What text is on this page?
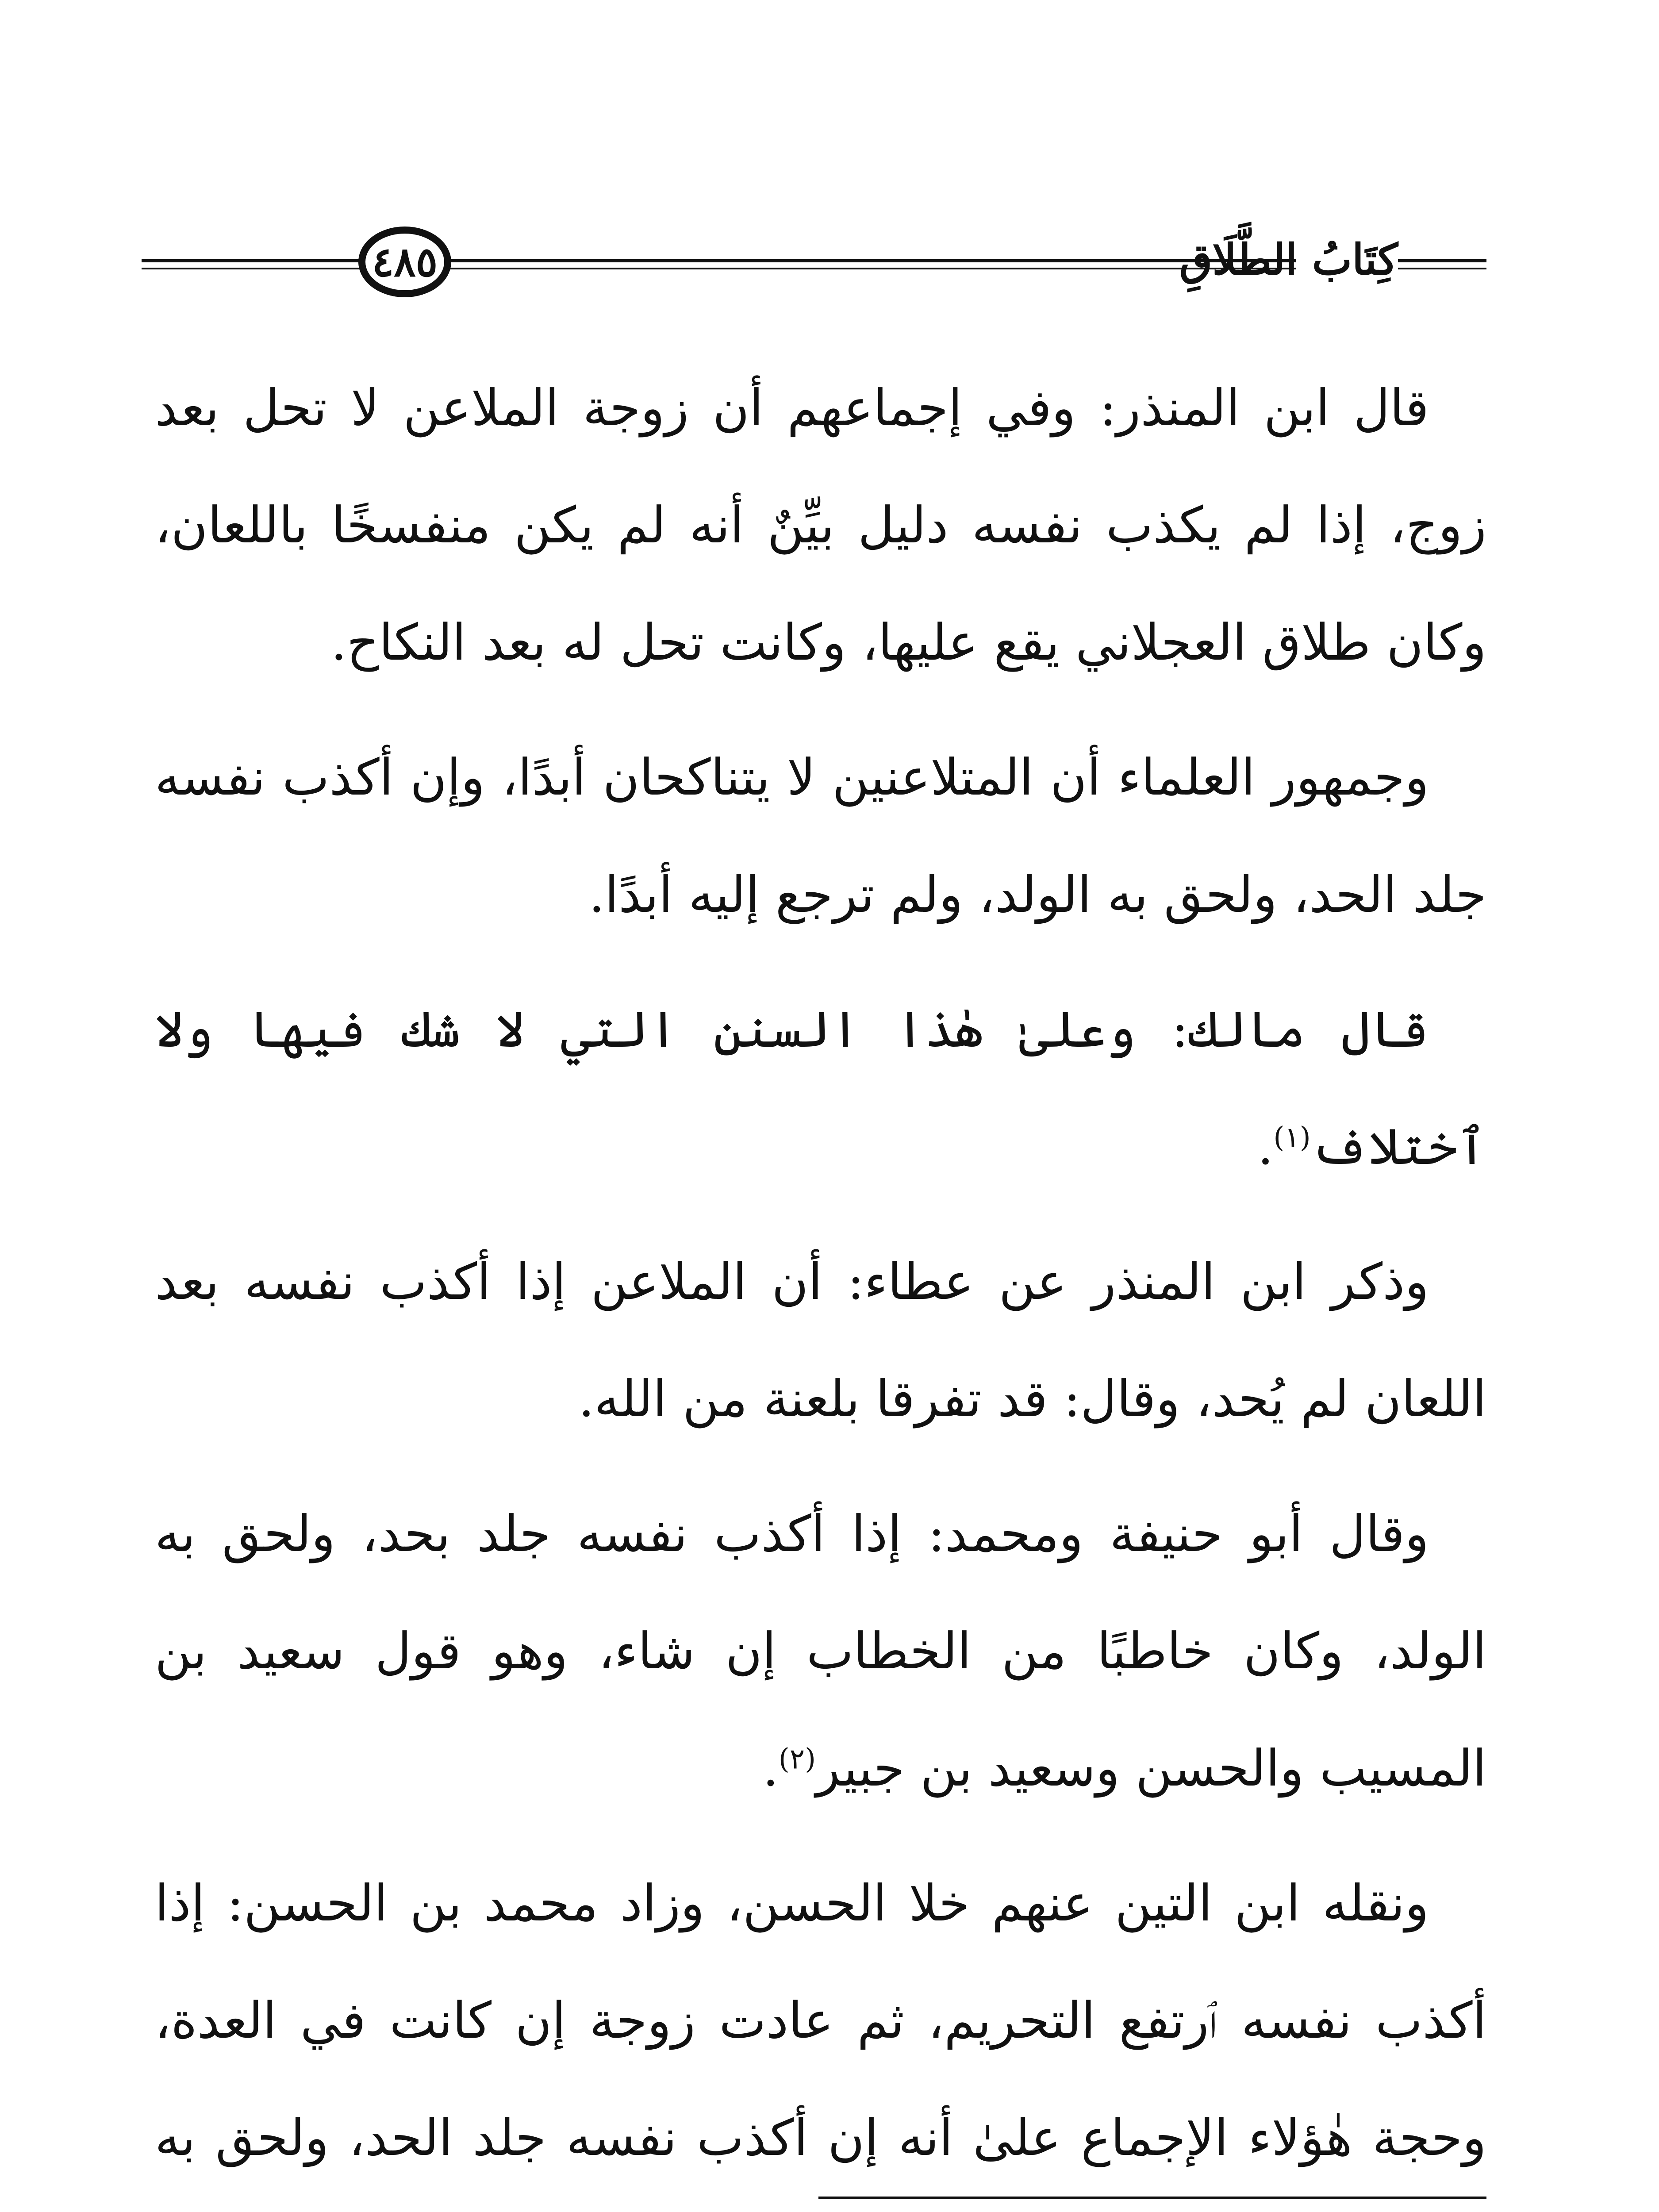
٤٨٥	كِتَابُ الطَّلَاقِ

قال ابن المنذر: وفي إجماعهم أن زوجة الملاعن لا تحل بعد زوج، إذا لم يكذب نفسه دليل بيِّنٌ أنه لم يكن منفسخًا باللعان، وكان طلاق العجلاني يقع عليها، وكانت تحل له بعد النكاح.

وجمهور العلماء أن المتلاعنين لا يتناكحان أبدًا، وإن أكذب نفسه جلد الحد، ولحق به الولد، ولم ترجع إليه أبدًا.

قال مالك: وعلىٰ هٰذا السنن التي لا شك فيها ولا ٱختلاف$^{(١)}$.

وذكر ابن المنذر عن عطاء: أن الملاعن إذا أكذب نفسه بعد اللعان لم يُحد، وقال: قد تفرقا بلعنة من الله.

وقال أبو حنيفة ومحمد: إذا أكذب نفسه جلد بحد، ولحق به الولد، وكان خاطبًا من الخطاب إن شاء، وهو قول سعيد بن المسيب والحسن وسعيد بن جبير$^{(٢)}$.

ونقله ابن التين عنهم خلا الحسن، وزاد محمد بن الحسن: إذا أكذب نفسه ٱرتفع التحريم، ثم عادت زوجة إن كانت في العدة، وحجة هٰؤلاء الإجماع علىٰ أنه إن أكذب نفسه جلد الحد، ولحق به
